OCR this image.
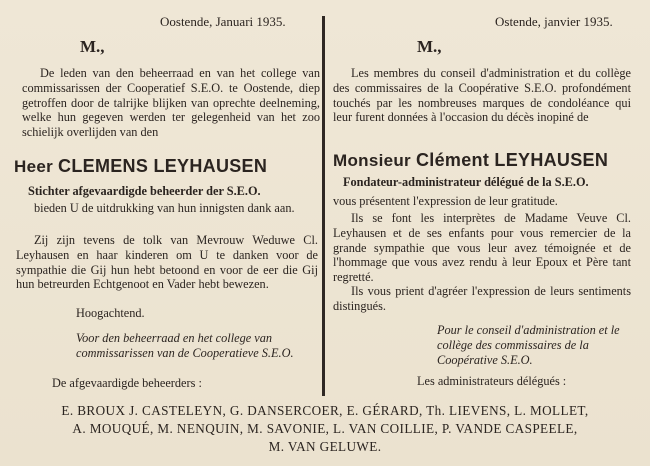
Oostende, Januari 1935.
M.,
De leden van den beheerraad en van het college van commissarissen der Cooperatief S.E.O. te Oostende, diep getroffen door de talrijke blijken van oprechte deelneming, welke hun gegeven werden ter gelegenheid van het zoo schielijk overlijden van den
Heer CLEMENS LEYHAUSEN
Stichter afgevaardigde beheerder der S.E.O.
bieden U de uitdrukking van hun innigsten dank aan.
Zij zijn tevens de tolk van Mevrouw Weduwe Cl. Leyhausen en haar kinderen om U te danken voor de sympathie die Gij hun hebt betoond en voor de eer die Gij hun betreurden Echtgenoot en Vader hebt bewezen.
Hoogachtend.
Voor den beheerraad en het college van commissarissen van de Cooperatieve S.E.O.
De afgevaardigde beheerders :
Ostende, janvier 1935.
M.,
Les membres du conseil d'administration et du collège des commissaires de la Coopérative S.E.O. profondément touchés par les nombreuses marques de condoléance qui leur furent données à l'occasion du décès inopiné de
Monsieur Clément LEYHAUSEN
Fondateur-administrateur délégué de la S.E.O.
vous présentent l'expression de leur gratitude.
Ils se font les interprètes de Madame Veuve Cl. Leyhausen et de ses enfants pour vous remercier de la grande sympathie que vous leur avez témoignée et de l'hommage que vous avez rendu à leur Epoux et Père tant regretté.
Ils vous prient d'agréer l'expression de leurs sentiments distingués.
Pour le conseil d'administration et le collège des commissaires de la Coopérative S.E.O.
Les administrateurs délégués :
E. BROUX J. CASTELEYN, G. DANSERCOER, E. GÉRARD, Th. LIEVENS, L. MOLLET,
A. MOUQUÉ, M. NENQUIN, M. SAVONIE, L. VAN COILLIE, P. VANDE CASPEELE,
M. VAN GELUWE.
